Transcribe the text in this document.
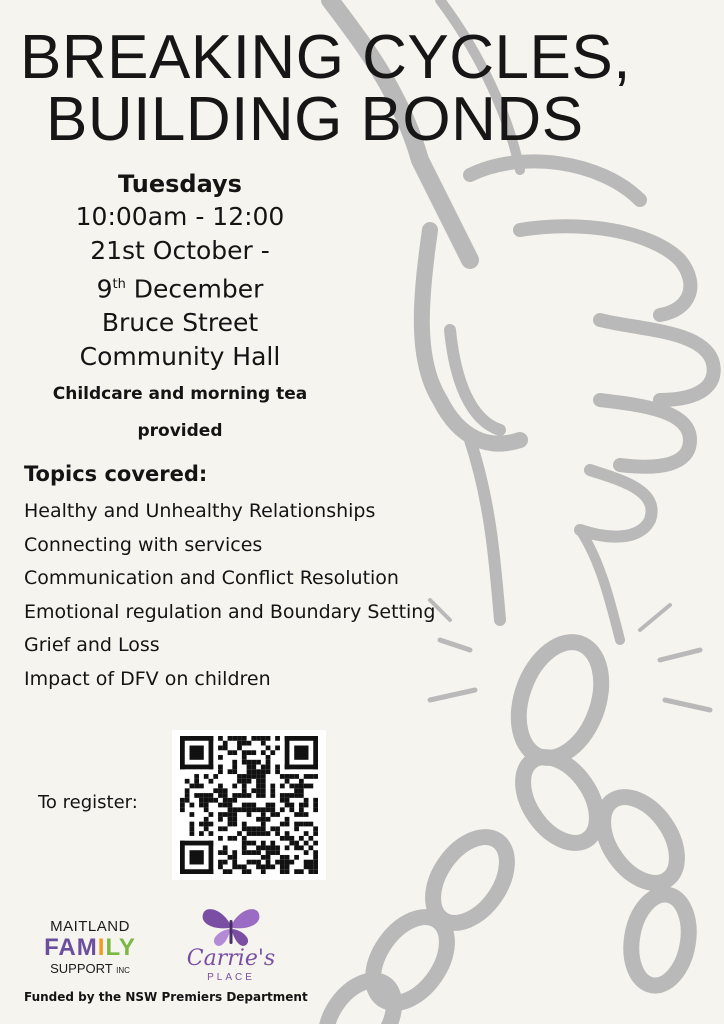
BREAKING CYCLES,
BUILDING BONDS
Tuesdays
10:00am - 12:00
21st October -
9th December
Bruce Street
Community Hall
Childcare and morning tea
provided
Topics covered:
Healthy and Unhealthy Relationships
Connecting with services
Communication and Conflict Resolution
Emotional regulation and Boundary Setting
Grief and Loss
Impact of DFV on children
To register:
MAITLAND
FAMILY
SUPPORT INC	Carrie's
PLACE
Funded by the NSW Premiers Department
